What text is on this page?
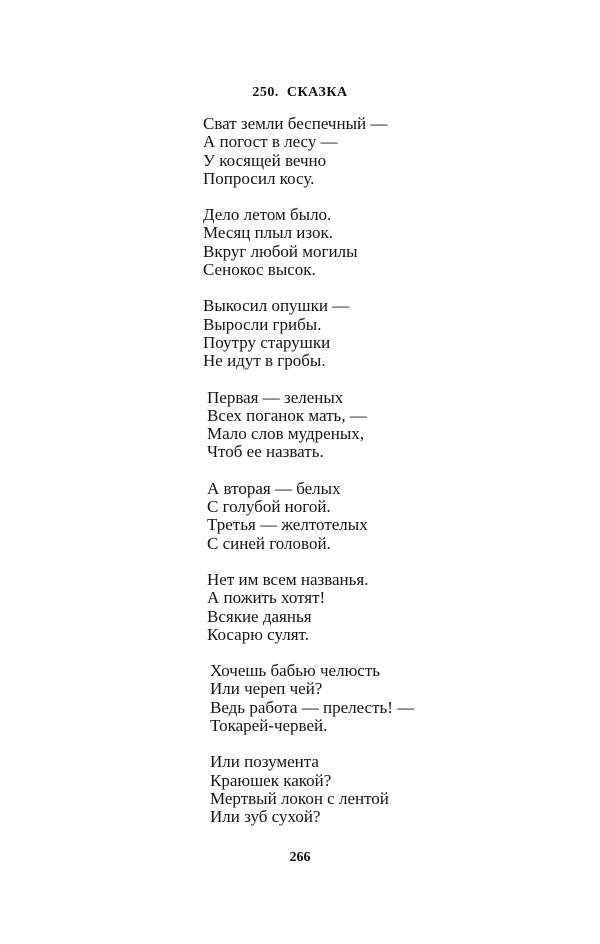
250. СКАЗКА
Сват земли беспечный —
А погост в лесу —
У косящей вечно
Попросил косу.
Дело летом было.
Месяц плыл изок.
Вкруг любой могилы
Сенокос высок.
Выкосил опушки —
Выросли грибы.
Поутру старушки
Не идут в гробы.
Первая — зеленых
Всех поганок мать, —
Мало слов мудреных,
Чтоб ее назвать.
А вторая — белых
С голубой ногой.
Третья — желтотелых
С синей головой.
Нет им всем названья.
А пожить хотят!
Всякие даянья
Косарю сулят.
Хочешь бабью челюсть
Или череп чей?
Ведь работа — прелесть! —
Токарей-червей.
Или позумента
Краюшек какой?
Мертвый локон с лентой
Или зуб сухой?
266
